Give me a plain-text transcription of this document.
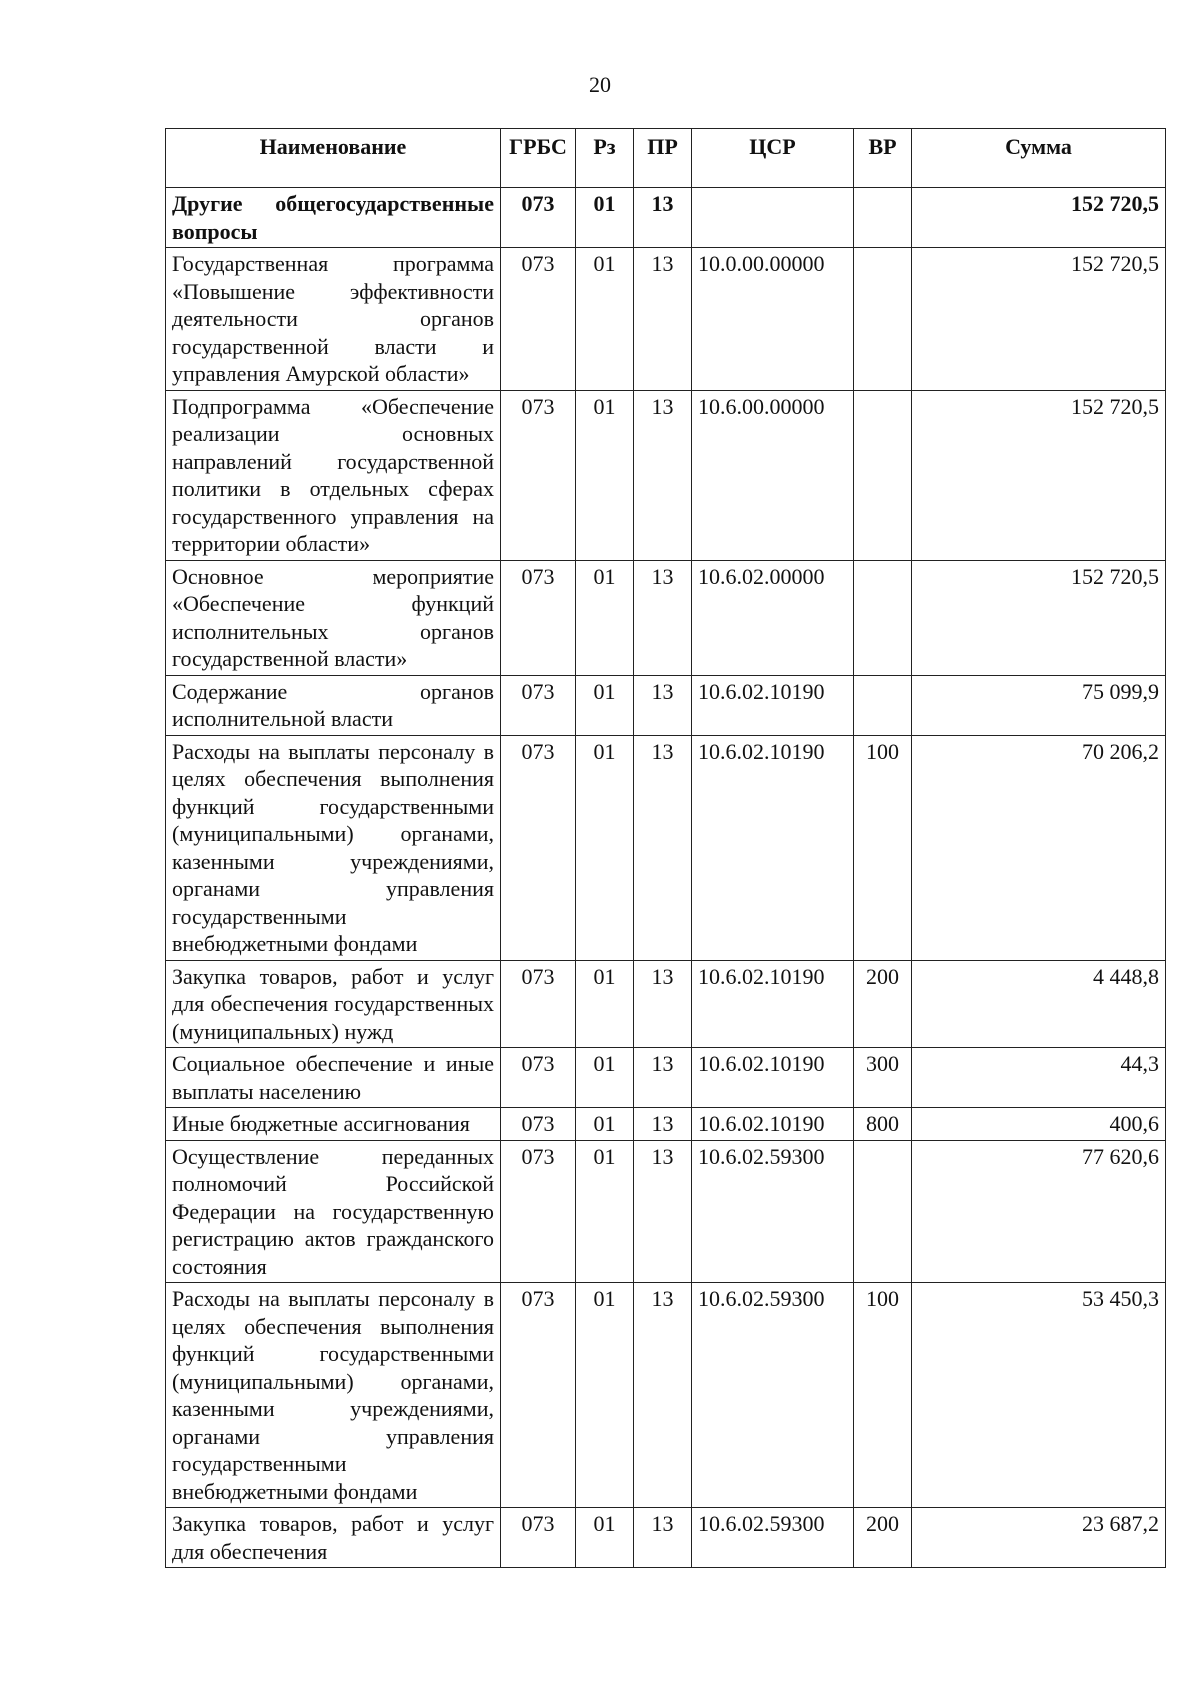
20
Наименование	ГРБС	Рз	ПР	ЦСР	ВР	Сумма
Другие общегосударственные вопросы	073	01	13			152 720,5
Государственная программа «Повышение эффективности деятельности органов государственной власти и управления Амурской области»	073	01	13	10.0.00.00000		152 720,5
Подпрограмма «Обеспечение реализации основных направлений государственной политики в отдельных сферах государственного управления на территории области»	073	01	13	10.6.00.00000		152 720,5
Основное мероприятие «Обеспечение функций исполнительных органов государственной власти»	073	01	13	10.6.02.00000		152 720,5
Содержание органов исполнительной власти	073	01	13	10.6.02.10190		75 099,9
Расходы на выплаты персоналу в целях обеспечения выполнения функций государственными (муниципальными) органами, казенными учреждениями, органами управления государственными внебюджетными фондами	073	01	13	10.6.02.10190	100	70 206,2
Закупка товаров, работ и услуг для обеспечения государственных (муниципальных) нужд	073	01	13	10.6.02.10190	200	4 448,8
Социальное обеспечение и иные выплаты населению	073	01	13	10.6.02.10190	300	44,3
Иные бюджетные ассигнования	073	01	13	10.6.02.10190	800	400,6
Осуществление переданных полномочий Российской Федерации на государственную регистрацию актов гражданского состояния	073	01	13	10.6.02.59300		77 620,6
Расходы на выплаты персоналу в целях обеспечения выполнения функций государственными (муниципальными) органами, казенными учреждениями, органами управления государственными внебюджетными фондами	073	01	13	10.6.02.59300	100	53 450,3
Закупка товаров, работ и услуг для обеспечения	073	01	13	10.6.02.59300	200	23 687,2
